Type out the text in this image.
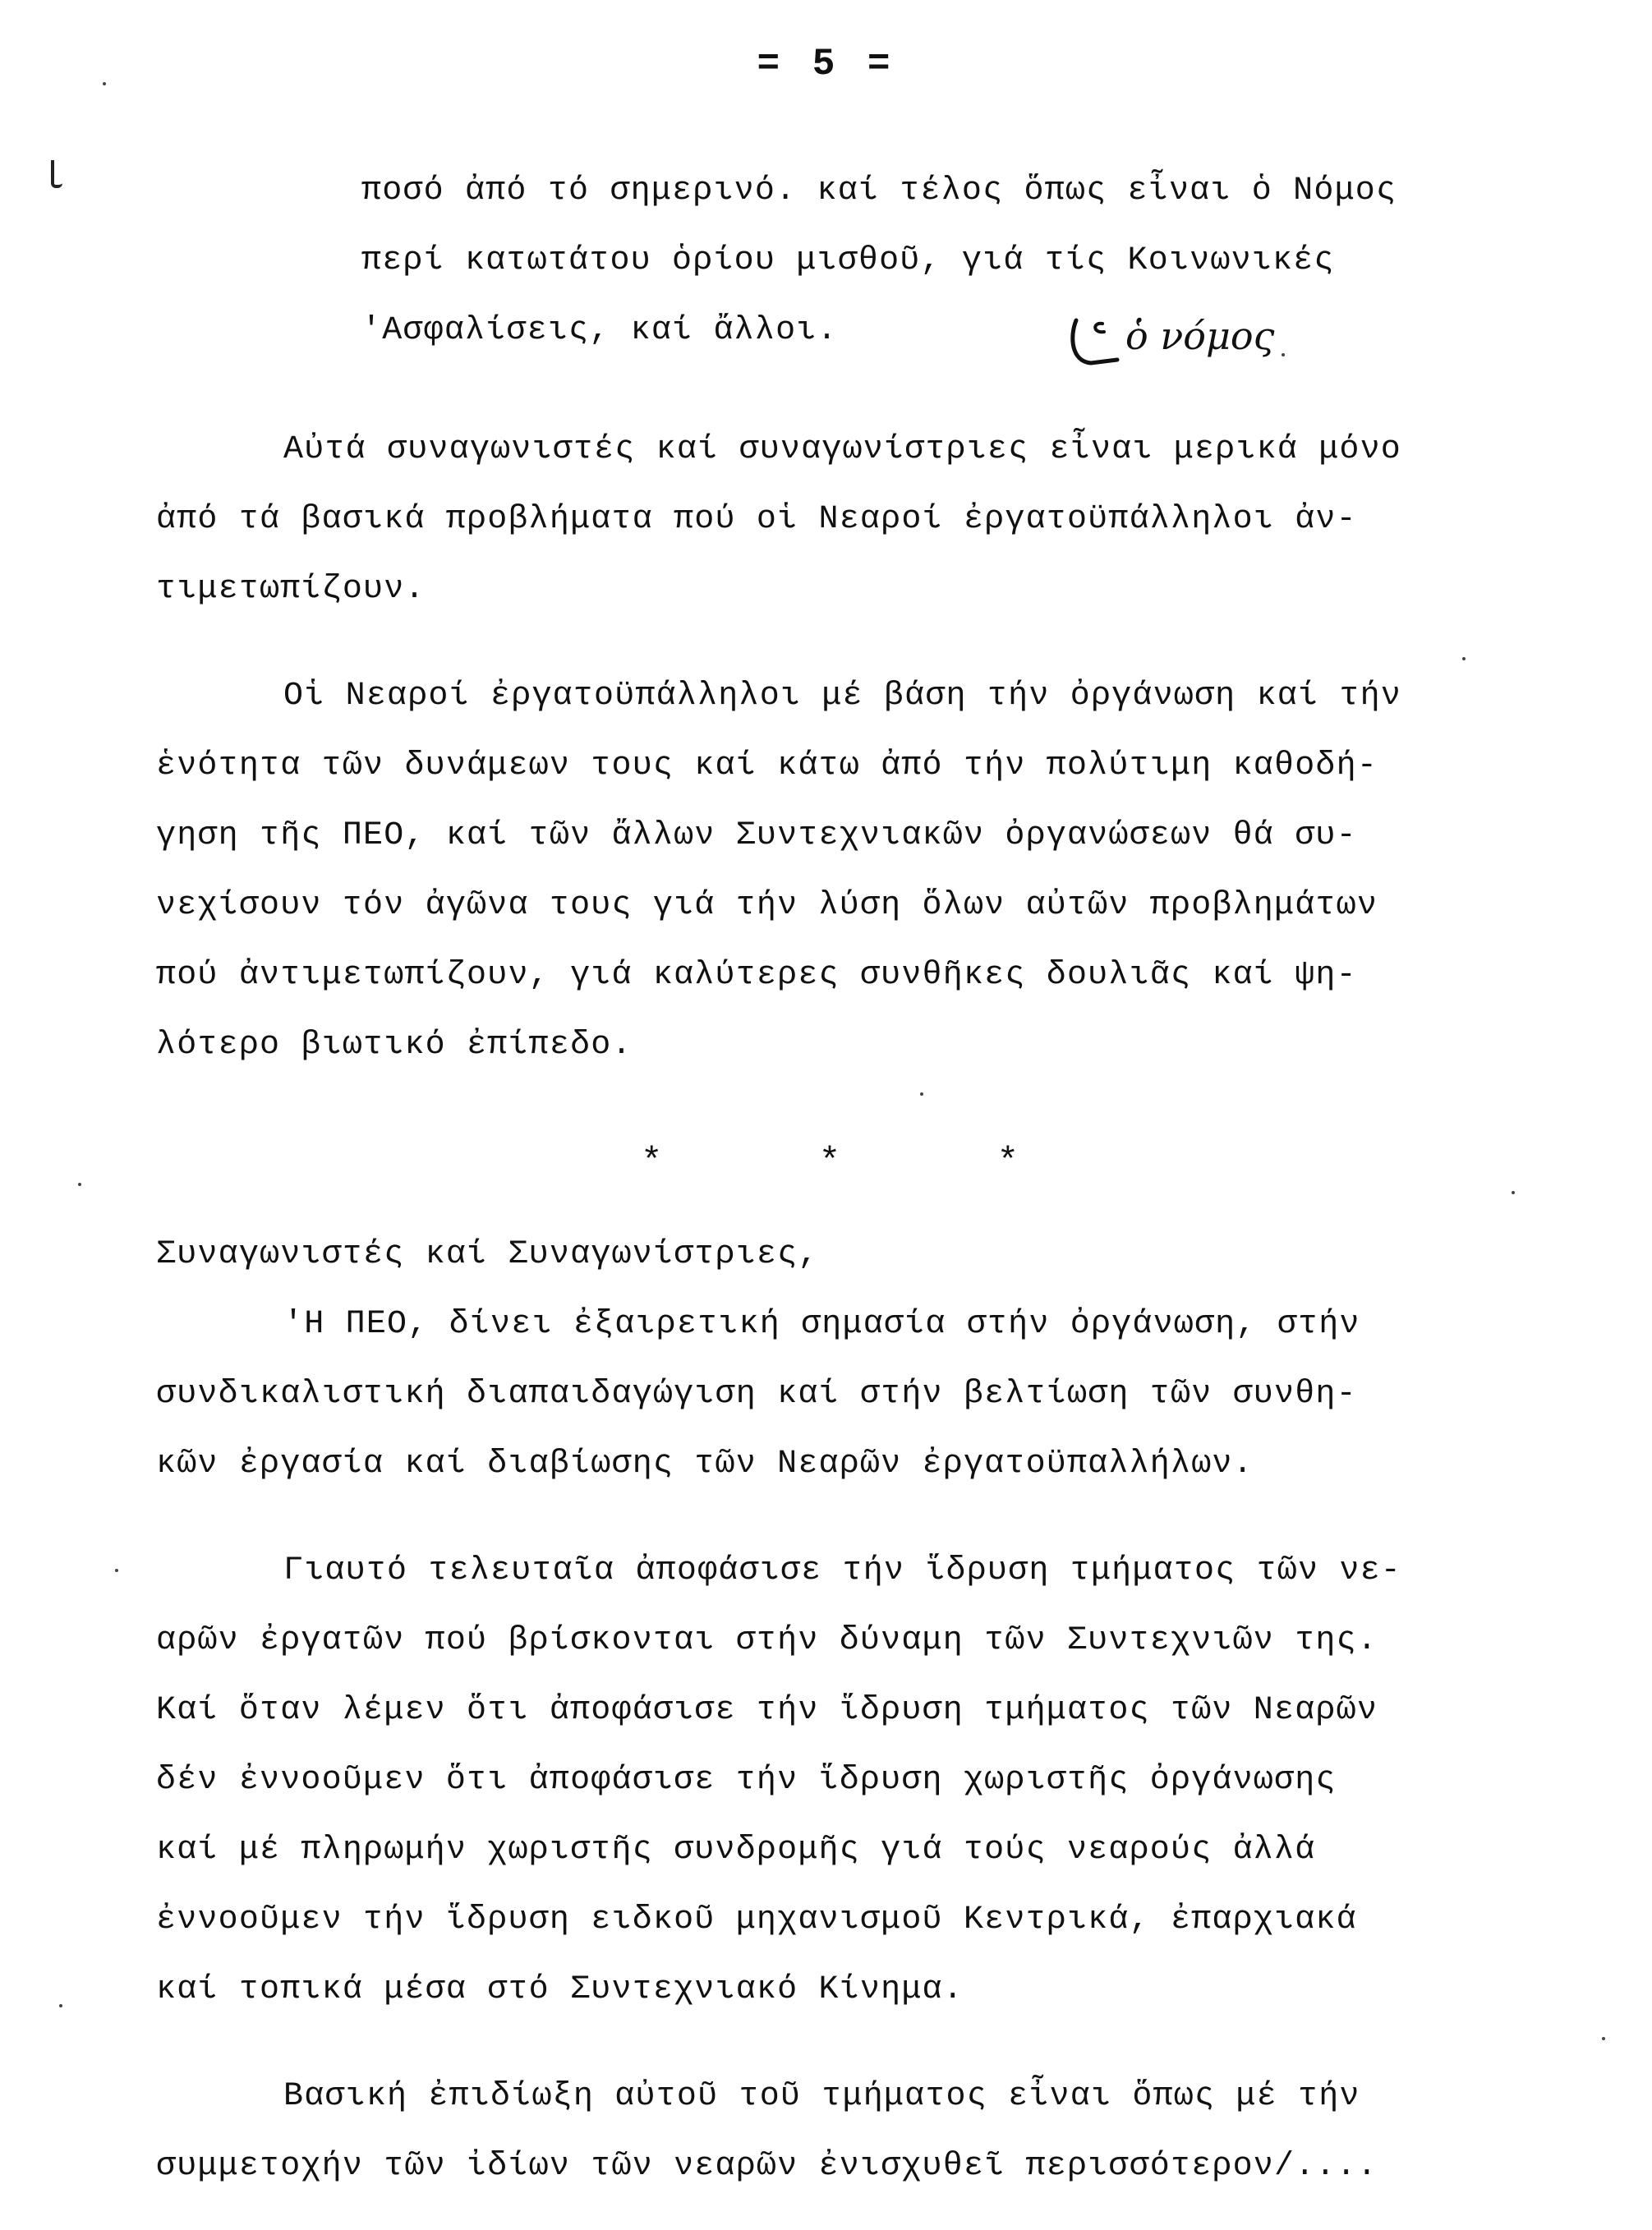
= 5 =
ποσό ἀπό τό σημερινό. καί τέλος ὅπως εἶναι ὁ Νόμος
περί κατωτάτου ὁρίου μισθοῦ, γιά τίς Κοινωνικές
'Ασφαλίσεις, καί ἄλλοι.	ὁ νόμος
Αὐτά συναγωνιστές καί συναγωνίστριες εἶναι μερικά μόνο
ἀπό τά βασικά προβλήματα πού οἱ Νεαροί ἐργατοϋπάλληλοι ἀν-
τιμετωπίζουν.
Οἱ Νεαροί ἐργατοϋπάλληλοι μέ βάση τήν ὀργάνωση καί τήν
ἑνότητα τῶν δυνάμεων τους καί κάτω ἀπό τήν πολύτιμη καθοδή-
γηση τῆς ΠΕΟ, καί τῶν ἄλλων Συντεχνιακῶν ὀργανώσεων θά συ-
νεχίσουν τόν ἀγῶνα τους γιά τήν λύση ὅλων αὐτῶν προβλημάτων
πού ἀντιμετωπίζουν, γιά καλύτερες συνθῆκες δουλιᾶς καί ψη-
λότερο βιωτικό ἐπίπεδο.
*	*	*
Συναγωνιστές καί Συναγωνίστριες,
'Η ΠΕΟ, δίνει ἐξαιρετική σημασία στήν ὀργάνωση, στήν
συνδικαλιστική διαπαιδαγώγιση καί στήν βελτίωση τῶν συνθη-
κῶν ἐργασία καί διαβίωσης τῶν Νεαρῶν ἐργατοϋπαλλήλων.
Γιαυτό τελευταῖα ἀποφάσισε τήν ἵδρυση τμήματος τῶν νε-
αρῶν ἐργατῶν πού βρίσκονται στήν δύναμη τῶν Συντεχνιῶν της.
Καί ὅταν λέμεν ὅτι ἀποφάσισε τήν ἵδρυση τμήματος τῶν Νεαρῶν
δέν ἐννοοῦμεν ὅτι ἀποφάσισε τήν ἵδρυση χωριστῆς ὀργάνωσης
καί μέ πληρωμήν χωριστῆς συνδρομῆς γιά τούς νεαρούς ἀλλά
ἐννοοῦμεν τήν ἵδρυση ειδκοῦ μηχανισμοῦ Κεντρικά, ἐπαρχιακά
καί τοπικά μέσα στό Συντεχνιακό Κίνημα.
Βασική ἐπιδίωξη αὐτοῦ τοῦ τμήματος εἶναι ὅπως μέ τήν
συμμετοχήν τῶν ἰδίων τῶν νεαρῶν ἐνισχυθεῖ περισσότερον/....
